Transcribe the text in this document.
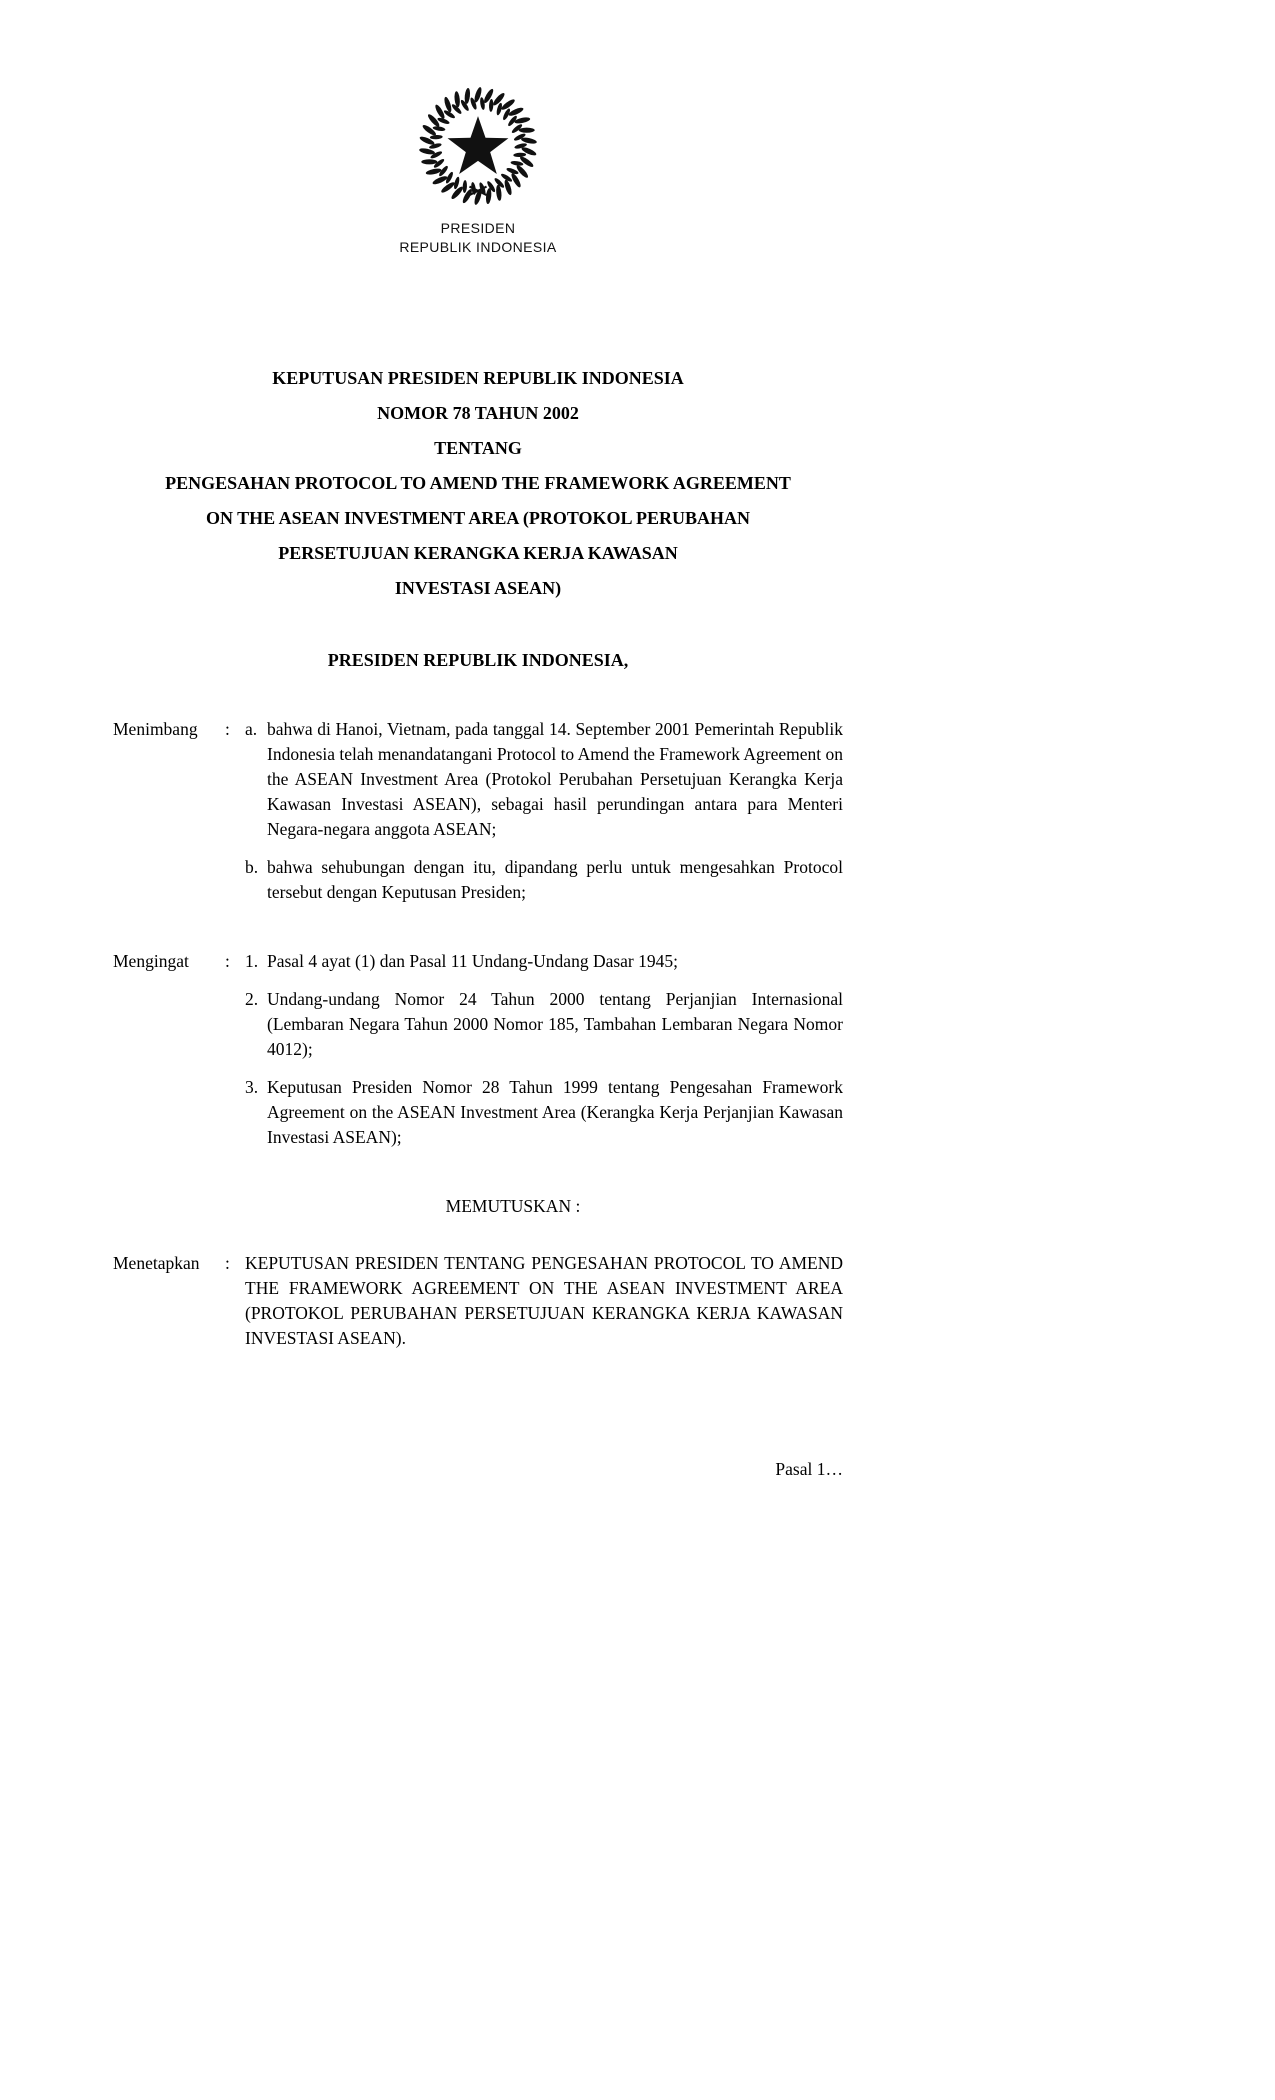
PRESIDEN
REPUBLIK INDONESIA
KEPUTUSAN PRESIDEN REPUBLIK INDONESIA
NOMOR 78 TAHUN 2002
TENTANG
PENGESAHAN PROTOCOL TO AMEND THE FRAMEWORK AGREEMENT
ON THE ASEAN INVESTMENT AREA (PROTOKOL PERUBAHAN
PERSETUJUAN KERANGKA KERJA KAWASAN
INVESTASI ASEAN)
PRESIDEN REPUBLIK INDONESIA,
Menimbang	: a. bahwa di Hanoi, Vietnam, pada tanggal 14. September 2001 Pemerintah Republik Indonesia telah menandatangani Protocol to Amend the Framework Agreement on the ASEAN Investment Area (Protokol Perubahan Persetujuan Kerangka Kerja Kawasan Investasi ASEAN), sebagai hasil perundingan antara para Menteri Negara-negara anggota ASEAN;
b. bahwa sehubungan dengan itu, dipandang perlu untuk mengesahkan Protocol tersebut dengan Keputusan Presiden;
Mengingat	: 1. Pasal 4 ayat (1) dan Pasal 11 Undang-Undang Dasar 1945;
2. Undang-undang Nomor 24 Tahun 2000 tentang Perjanjian Internasional (Lembaran Negara Tahun 2000 Nomor 185, Tambahan Lembaran Negara Nomor 4012);
3. Keputusan Presiden Nomor 28 Tahun 1999 tentang Pengesahan Framework Agreement on the ASEAN Investment Area (Kerangka Kerja Perjanjian Kawasan Investasi ASEAN);
MEMUTUSKAN :
Menetapkan	: KEPUTUSAN PRESIDEN TENTANG PENGESAHAN PROTOCOL TO AMEND THE FRAMEWORK AGREEMENT ON THE ASEAN INVESTMENT AREA (PROTOKOL PERUBAHAN PERSETUJUAN KERANGKA KERJA KAWASAN INVESTASI ASEAN).
Pasal 1…
